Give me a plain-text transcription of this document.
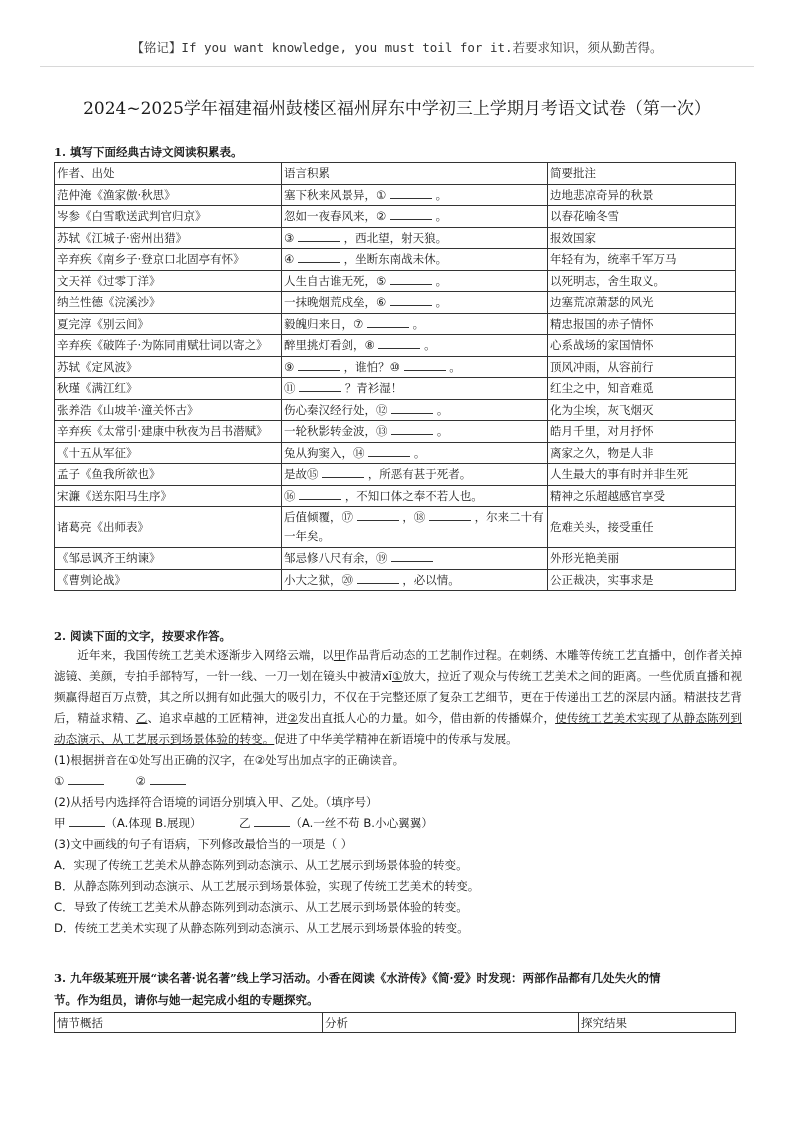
【铭记】If you want knowledge, you must toil for it.若要求知识，须从勤苦得。
2024~2025学年福建福州鼓楼区福州屏东中学初三上学期月考语文试卷（第一次）
1. 填写下面经典古诗文阅读积累表。
作者、出处	语言积累	简要批注
范仲淹《渔家傲·秋思》	塞下秋来风景异，① 。	边地悲凉奇异的秋景
岑参《白雪歌送武判官归京》	忽如一夜春风来，② 。	以春花喻冬雪
苏轼《江城子·密州出猎》	③ ，西北望，射天狼。	报效国家
辛弃疾《南乡子·登京口北固亭有怀》	④ ，坐断东南战未休。	年轻有为，统率千军万马
文天祥《过零丁洋》	人生自古谁无死，⑤ 。	以死明志，舍生取义。
纳兰性德《浣溪沙》	一抹晚烟荒戍垒，⑥ 。	边塞荒凉萧瑟的风光
夏完淳《别云间》	毅魄归来日，⑦ 。	精忠报国的赤子情怀
辛弃疾《破阵子·为陈同甫赋壮词以寄之》	醉里挑灯看剑，⑧ 。	心系战场的家国情怀
苏轼《定风波》	⑨ ，谁怕？⑩ 。	顶风冲雨，从容前行
秋瑾《满江红》	⑪ ？青衫湿！	红尘之中，知音难觅
张养浩《山坡羊·潼关怀古》	伤心秦汉经行处，⑫ 。	化为尘埃，灰飞烟灭
辛弃疾《太常引·建康中秋夜为吕书潜赋》	一轮秋影转金波，⑬ 。	皓月千里，对月抒怀
《十五从军征》	兔从狗窦入，⑭ 。	离家之久，物是人非
孟子《鱼我所欲也》	是故⑮ ，所恶有甚于死者。	人生最大的事有时并非生死
宋濂《送东阳马生序》	⑯ ，不知口体之奉不若人也。	精神之乐超越感官享受
诸葛亮《出师表》	后值倾覆，⑰ ，⑱ ，尔来二十有一年矣。	危难关头，接受重任
《邹忌讽齐王纳谏》	邹忌修八尺有余，⑲	外形光艳美丽
《曹刿论战》	小大之狱，⑳ ，必以情。	公正裁决，实事求是
2. 阅读下面的文字，按要求作答。

近年来，我国传统工艺美术逐渐步入网络云端，以甲作品背后动态的工艺制作过程。在刺绣、木雕等传统工艺直播中，创作者关掉滤镜、美颜，专拍手部特写，一针一线、一刀一划在镜头中被清xī①放大，拉近了观众与传统工艺美术之间的距离。一些优质直播和视频赢得超百万点赞，其之所以拥有如此强大的吸引力，不仅在于完整还原了复杂工艺细节，更在于传递出工艺的深层内涵。精湛技艺背后，精益求精、乙、追求卓越的工匠精神，迸②发出直抵人心的力量。如今，借由新的传播媒介，使传统工艺美术实现了从静态陈列到动态演示、从工艺展示到场景体验的转变。促进了中华美学精神在新语境中的传承与发展。

(1)根据拼音在①处写出正确的汉字，在②处写出加点字的正确读音。

①	②

(2)从括号内选择符合语境的词语分别填入甲、乙处。（填序号）

甲	（A.体现 B.展现）	乙	（A.一丝不苟 B.小心翼翼）

(3)文中画线的句子有语病，下列修改最恰当的一项是（ ）

A．实现了传统工艺美术从静态陈列到动态演示、从工艺展示到场景体验的转变。

B．从静态陈列到动态演示、从工艺展示到场景体验，实现了传统工艺美术的转变。

C．导致了传统工艺美术从静态陈列到动态演示、从工艺展示到场景体验的转变。

D．传统工艺美术实现了从静态陈列到动态演示、从工艺展示到场景体验的转变。

3. 九年级某班开展“读名著·说名著”线上学习活动。小香在阅读《水浒传》《简·爱》时发现：两部作品都有几处失火的情
节。作为组员，请你与她一起完成小组的专题探究。
情节概括	分析	探究结果
